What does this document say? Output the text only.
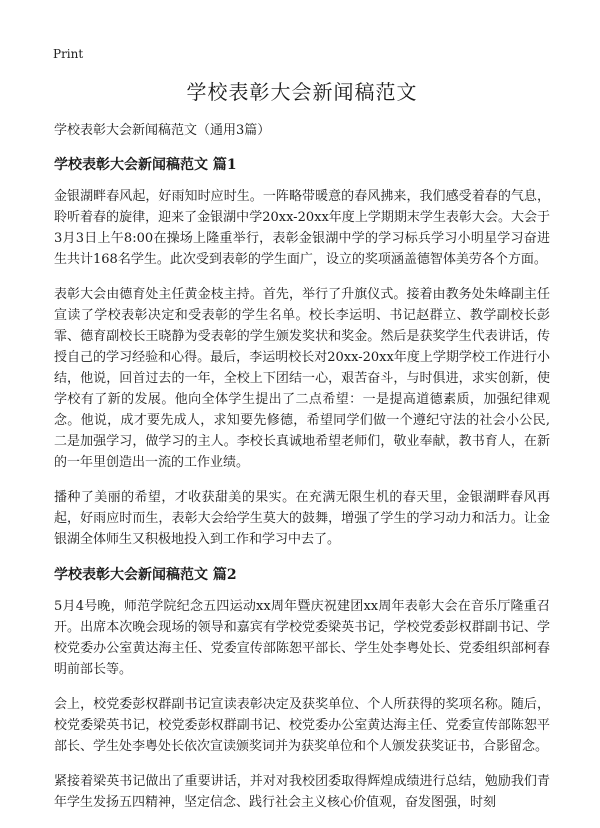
Print
学校表彰大会新闻稿范文
学校表彰大会新闻稿范文（通用3篇）
学校表彰大会新闻稿范文 篇1

金银湖畔春风起，好雨知时应时生。一阵略带暖意的春风拂来，我们感受着春的气息，聆听着春的旋律，迎来了金银湖中学20xx-20xx年度上学期期末学生表彰大会。大会于3月3日上午8:00在操场上隆重举行，表彰金银湖中学的学习标兵学习小明星学习奋进生共计168名学生。此次受到表彰的学生面广，设立的奖项涵盖德智体美劳各个方面。

表彰大会由德育处主任黄金枝主持。首先，举行了升旗仪式。接着由教务处朱峰副主任宣读了学校表彰决定和受表彰的学生名单。校长李运明、书记赵群立、教学副校长彭霏、德育副校长王晓静为受表彰的学生颁发奖状和奖金。然后是获奖学生代表讲话，传授自己的学习经验和心得。最后，李运明校长对20xx-20xx年度上学期学校工作进行小结，他说，回首过去的一年，全校上下团结一心，艰苦奋斗，与时俱进，求实创新，使学校有了新的发展。他向全体学生提出了二点希望：一是提高道德素质，加强纪律观念。他说，成才要先成人，求知要先修德，希望同学们做一个遵纪守法的社会小公民,二是加强学习，做学习的主人。李校长真诚地希望老师们，敬业奉献，教书育人，在新的一年里创造出一流的工作业绩。

播种了美丽的希望，才收获甜美的果实。在充满无限生机的春天里，金银湖畔春风再起，好雨应时而生，表彰大会给学生莫大的鼓舞，增强了学生的学习动力和活力。让金银湖全体师生又积极地投入到工作和学习中去了。

学校表彰大会新闻稿范文 篇2

5月4号晚，师范学院纪念五四运动xx周年暨庆祝建团xx周年表彰大会在音乐厅隆重召开。出席本次晚会现场的领导和嘉宾有学校党委梁英书记，学校党委彭权群副书记、学校党委办公室黄达海主任、党委宣传部陈恕平部长、学生处李粤处长、党委组织部柯春明前部长等。

会上，校党委彭权群副书记宣读表彰决定及获奖单位、个人所获得的奖项名称。随后，校党委梁英书记，校党委彭权群副书记、校党委办公室黄达海主任、党委宣传部陈恕平部长、学生处李粤处长依次宣读颁奖词并为获奖单位和个人颁发获奖证书，合影留念。

紧接着梁英书记做出了重要讲话，并对对我校团委取得辉煌成绩进行总结，勉励我们青年学生发扬五四精神，坚定信念、践行社会主义核心价值观，奋发图强，时刻
